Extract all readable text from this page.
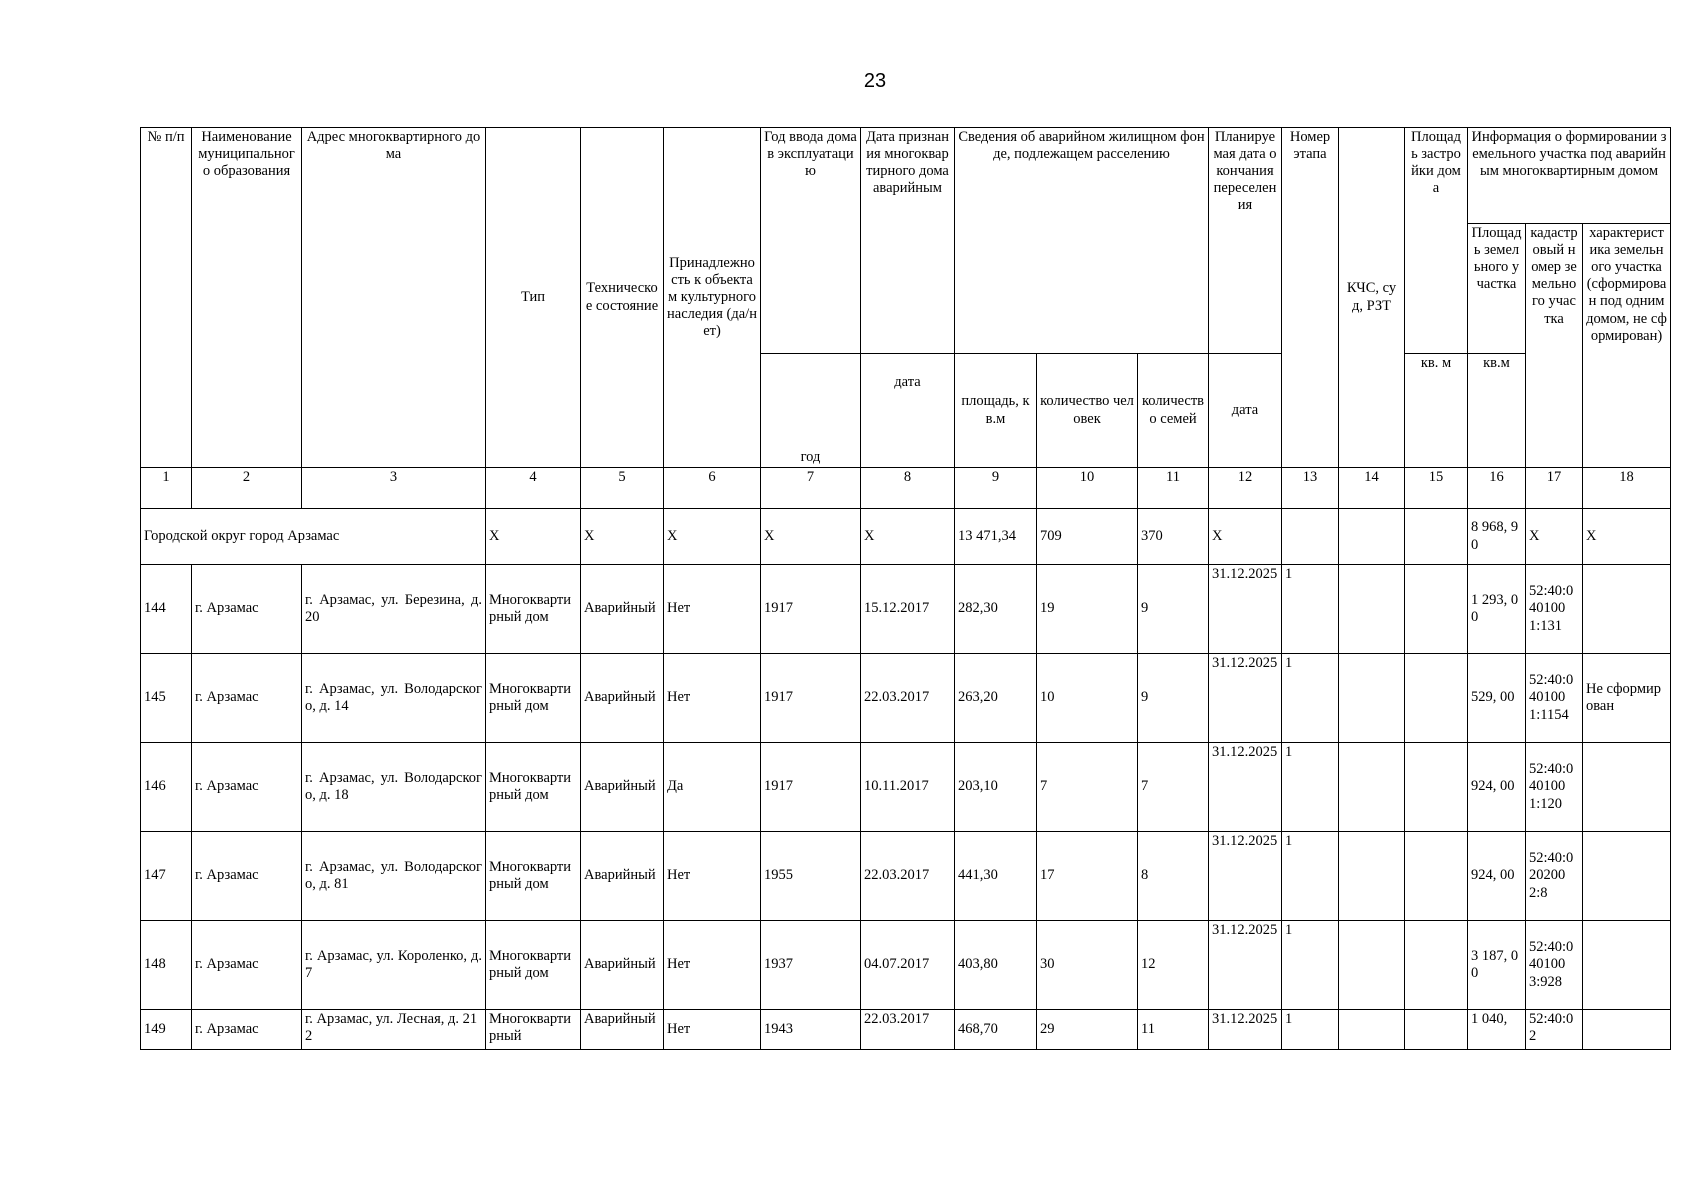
23
№ п/п	Наименование муниципального образования	Адрес многоквартирного дома	Тип	Техническое состояние	Принадлежность к объектам культурного наследия (да/нет)	Год ввода дома в эксплуатацию	Дата признания многоквартирного дома аварийным	Сведения об аварийном жилищном фонде, подлежащем расселению			Планируемая дата окончания переселения	Номер этапа	КЧС, суд, РЗТ	Площадь застройки дома	Информация о формировании земельного участка под аварийным многоквартирным домом		
															Площадь земельного участка	кадастровый номер земельного участка	характеристика земельного участка (сформирован под одним домом, не сформирован)
						год	дата	площадь, кв.м	количество человек	количество семей	дата			кв. м	кв.м		
1	2	3	4	5	6	7	8	9	10	11	12	13	14	15	16	17	18
Городской округ город Арзамас			X	X	X	X	X	13 471,34	709	370	X				8 968, 90	X	X
144	г. Арзамас	г. Арзамас, ул. Березина, д. 20	Многоквартирный дом	Аварийный	Нет	1917	15.12.2017	282,30	19	9	31.12.2025	1			1 293, 00	52:40:040100 1:131	
145	г. Арзамас	г. Арзамас, ул. Володарского, д. 14	Многоквартирный дом	Аварийный	Нет	1917	22.03.2017	263,20	10	9	31.12.2025	1			529, 00	52:40:040100 1:1154	Не сформирован
146	г. Арзамас	г. Арзамас, ул. Володарского, д. 18	Многоквартирный дом	Аварийный	Да	1917	10.11.2017	203,10	7	7	31.12.2025	1			924, 00	52:40:040100 1:120	
147	г. Арзамас	г. Арзамас, ул. Володарского, д. 81	Многоквартирный дом	Аварийный	Нет	1955	22.03.2017	441,30	17	8	31.12.2025	1			924, 00	52:40:020200 2:8	
148	г. Арзамас	г. Арзамас, ул. Короленко, д. 7	Многоквартирный дом	Аварийный	Нет	1937	04.07.2017	403,80	30	12	31.12.2025	1			3 187, 00	52:40:040100 3:928	
149	г. Арзамас	г. Арзамас, ул. Лесная, д. 212	Многоквартирный	Аварийный	Нет	1943	22.03.2017	468,70	29	11	31.12.2025	1			1 040,	52:40:02	
